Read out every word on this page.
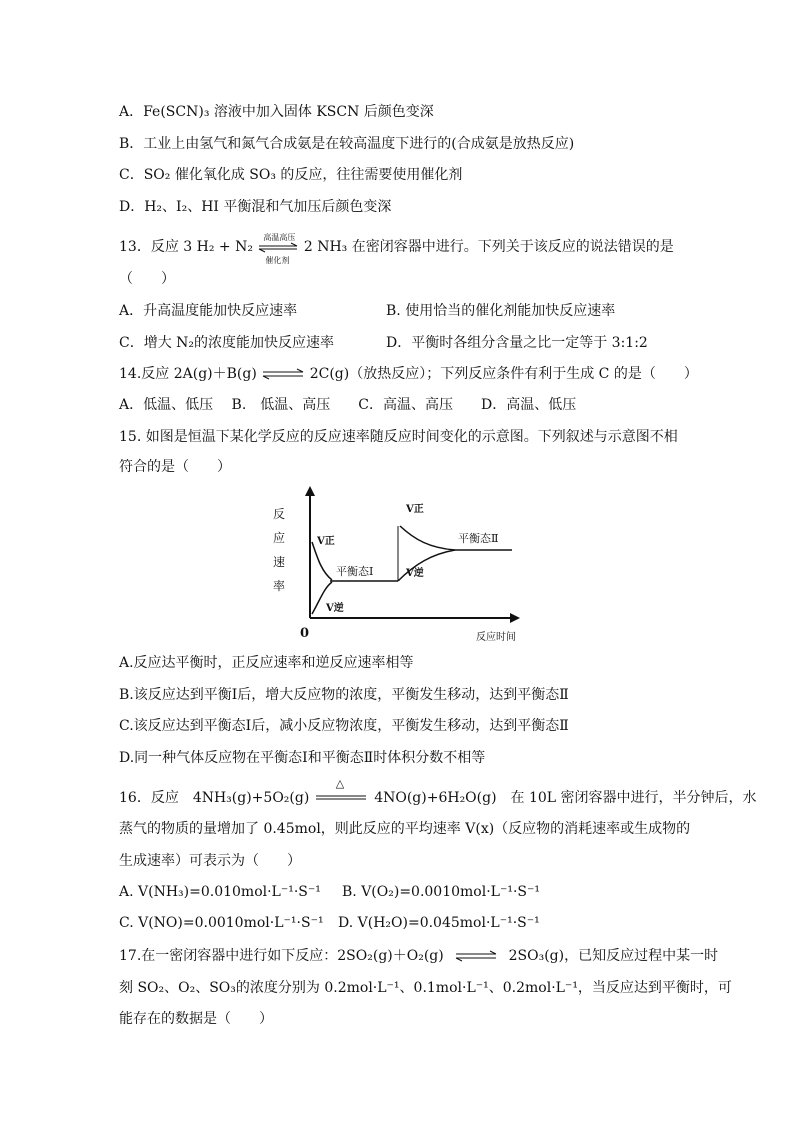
A．Fe(SCN)₃ 溶液中加入固体 KSCN 后颜色变深
B．工业上由氢气和氮气合成氨是在较高温度下进行的(合成氨是放热反应)
C．SO₂ 催化氧化成 SO₃ 的反应，往往需要使用催化剂
D．H₂、I₂、HI 平衡混和气加压后颜色变深
13．反应 3 H₂ + N₂
高温高压
催化剂
2 NH₃ 在密闭容器中进行。下列关于该反应的说法错误的是
（　　）
A．升高温度能加快反应速率	B. 使用恰当的催化剂能加快反应速率
C．增大 N₂的浓度能加快反应速率	D．平衡时各组分含量之比一定等于 3:1:2
14.反应 2A(g)＋B(g) ⇌ 2C(g)（放热反应）；下列反应条件有利于生成 C 的是（　　）
A．低温、低压　 B.　低温、高压　　C．高温、高压　　D．高温、低压
15. 如图是恒温下某化学反应的反应速率随反应时间变化的示意图。下列叙述与示意图不相
符合的是（　　）
反
应
速
率
0	反应时间
V正
V逆
V正
V逆
平衡态Ⅰ
平衡态Ⅱ
A.反应达平衡时，正反应速率和逆反应速率相等
B.该反应达到平衡Ⅰ后，增大反应物的浓度，平衡发生移动，达到平衡态Ⅱ
C.该反应达到平衡态Ⅰ后，减小反应物浓度，平衡发生移动，达到平衡态Ⅱ
D.同一种气体反应物在平衡态Ⅰ和平衡态Ⅱ时体积分数不相等
16．反应　4NH₃(g)+5O₂(g)
△
4NO(g)+6H₂O(g)　在 10L 密闭容器中进行，半分钟后，水
蒸气的物质的量增加了 0.45mol，则此反应的平均速率 V(x)（反应物的消耗速率或生成物的
生成速率）可表示为（　　）
A. V(NH₃)=0.010mol·L⁻¹·S⁻¹ B. V(O₂)=0.0010mol·L⁻¹·S⁻¹
C. V(NO)=0.0010mol·L⁻¹·S⁻¹ D. V(H₂O)=0.045mol·L⁻¹·S⁻¹
17.在一密闭容器中进行如下反应：2SO₂(g)＋O₂(g) ⇌ 2SO₃(g)，已知反应过程中某一时
刻 SO₂、O₂、SO₃的浓度分别为 0.2mol·L⁻¹、0.1mol·L⁻¹、0.2mol·L⁻¹，当反应达到平衡时，可
能存在的数据是（　　）
